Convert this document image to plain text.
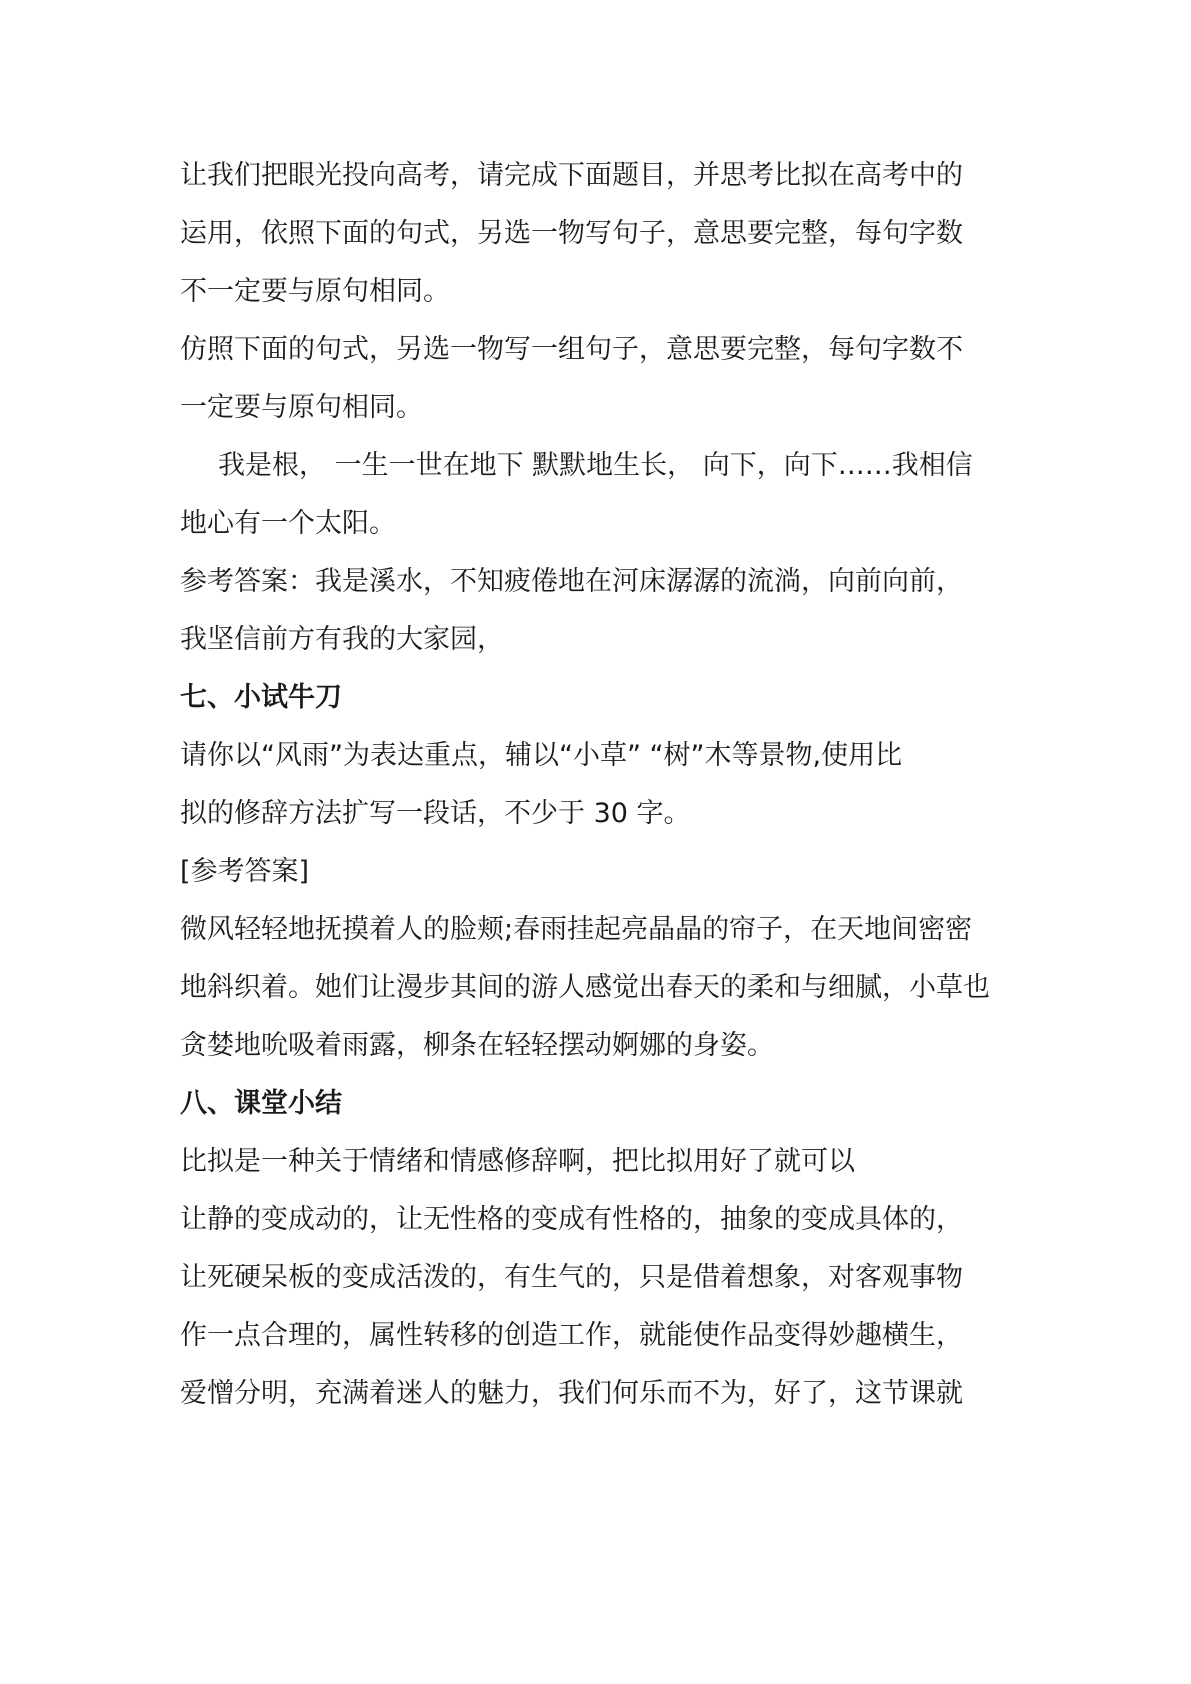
让我们把眼光投向高考，请完成下面题目，并思考比拟在高考中的
运用，依照下面的句式，另选一物写句子，意思要完整，每句字数
不一定要与原句相同。
仿照下面的句式，另选一物写一组句子，意思要完整，每句字数不
一定要与原句相同。
我是根， 一生一世在地下 默默地生长， 向下，向下……我相信
地心有一个太阳。
参考答案：我是溪水，不知疲倦地在河床潺潺的流淌，向前向前，
我坚信前方有我的大家园，
七、小试牛刀
请你以“风雨”为表达重点，辅以“小草” “树”木等景物,使用比
拟的修辞方法扩写一段话，不少于 30 字。
[参考答案]
微风轻轻地抚摸着人的脸颊;春雨挂起亮晶晶的帘子，在天地间密密
地斜织着。她们让漫步其间的游人感觉出春天的柔和与细腻，小草也
贪婪地吮吸着雨露，柳条在轻轻摆动婀娜的身姿。
八、课堂小结
比拟是一种关于情绪和情感修辞啊，把比拟用好了就可以
让静的变成动的，让无性格的变成有性格的，抽象的变成具体的，
让死硬呆板的变成活泼的，有生气的，只是借着想象，对客观事物
作一点合理的，属性转移的创造工作，就能使作品变得妙趣横生，
爱憎分明，充满着迷人的魅力，我们何乐而不为，好了，这节课就
